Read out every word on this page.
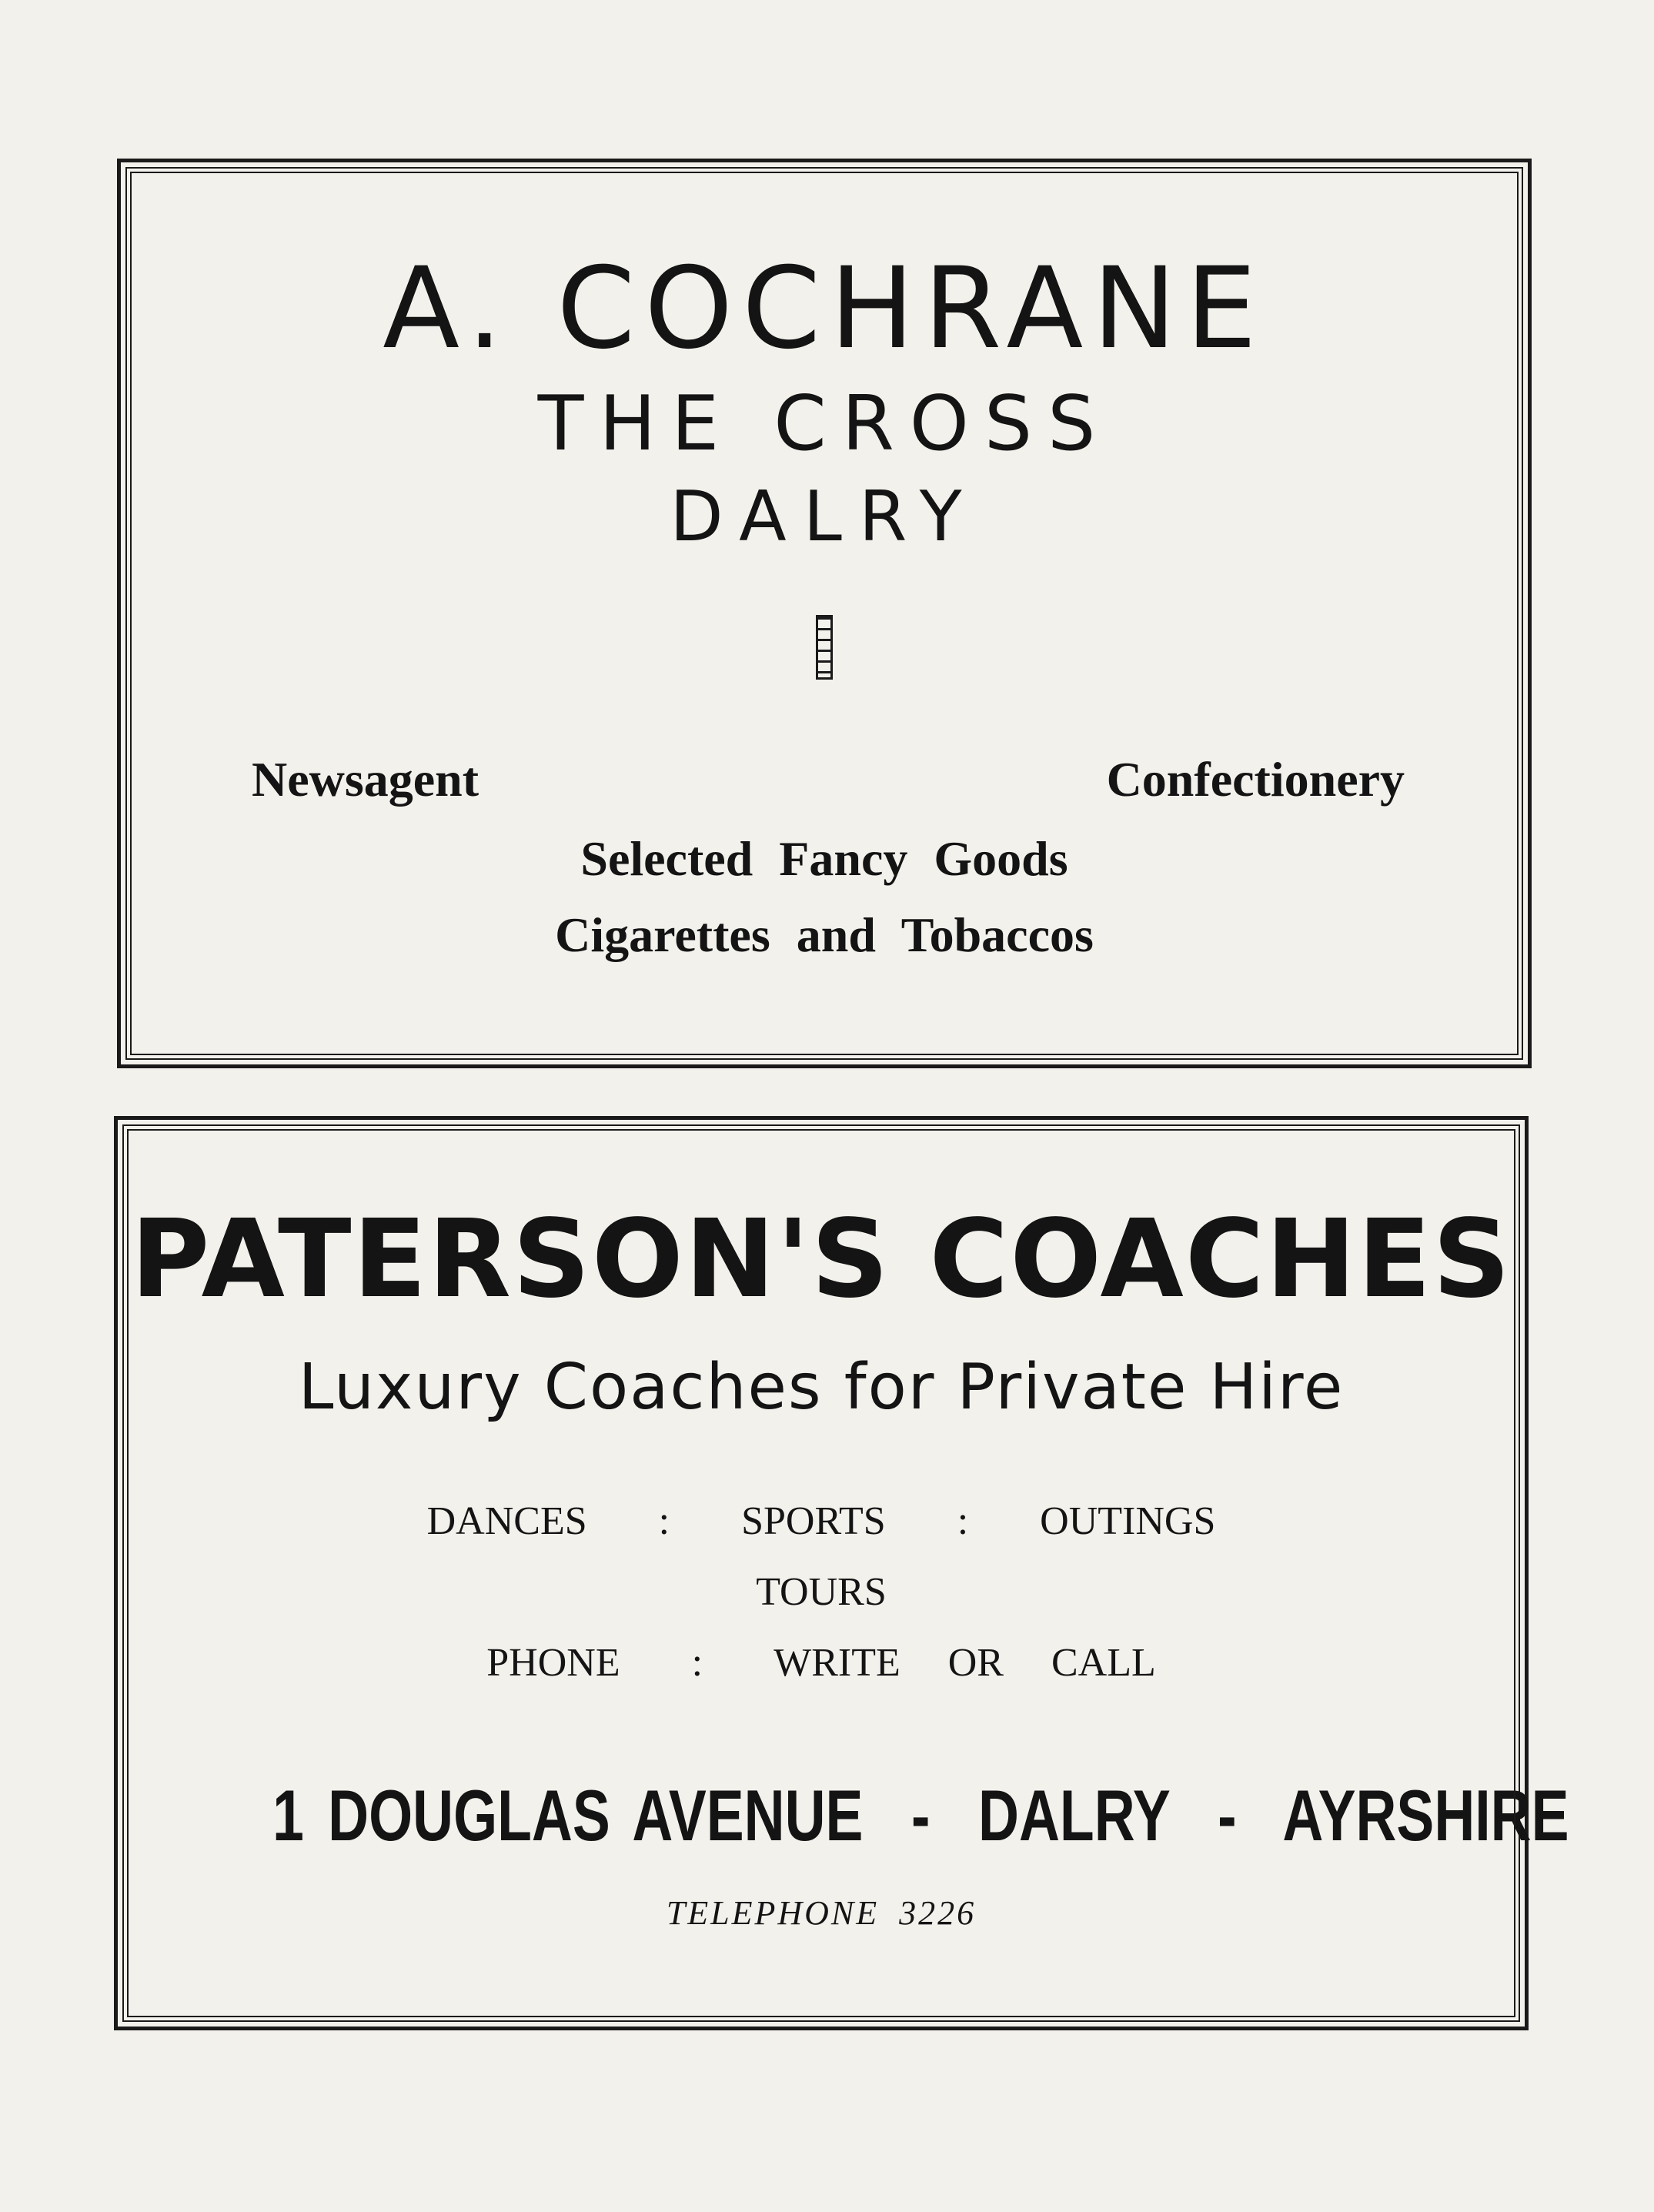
A. COCHRANE
THE CROSS
DALRY
Newsagent	Confectionery
Selected Fancy Goods
Cigarettes and Tobaccos
PATERSON'S COACHES
Luxury Coaches for Private Hire
DANCES   :   SPORTS   :   OUTINGS
TOURS
PHONE   :   WRITE  OR  CALL
1 DOUGLAS AVENUE  -  DALRY  -  AYRSHIRE
TELEPHONE 3226
